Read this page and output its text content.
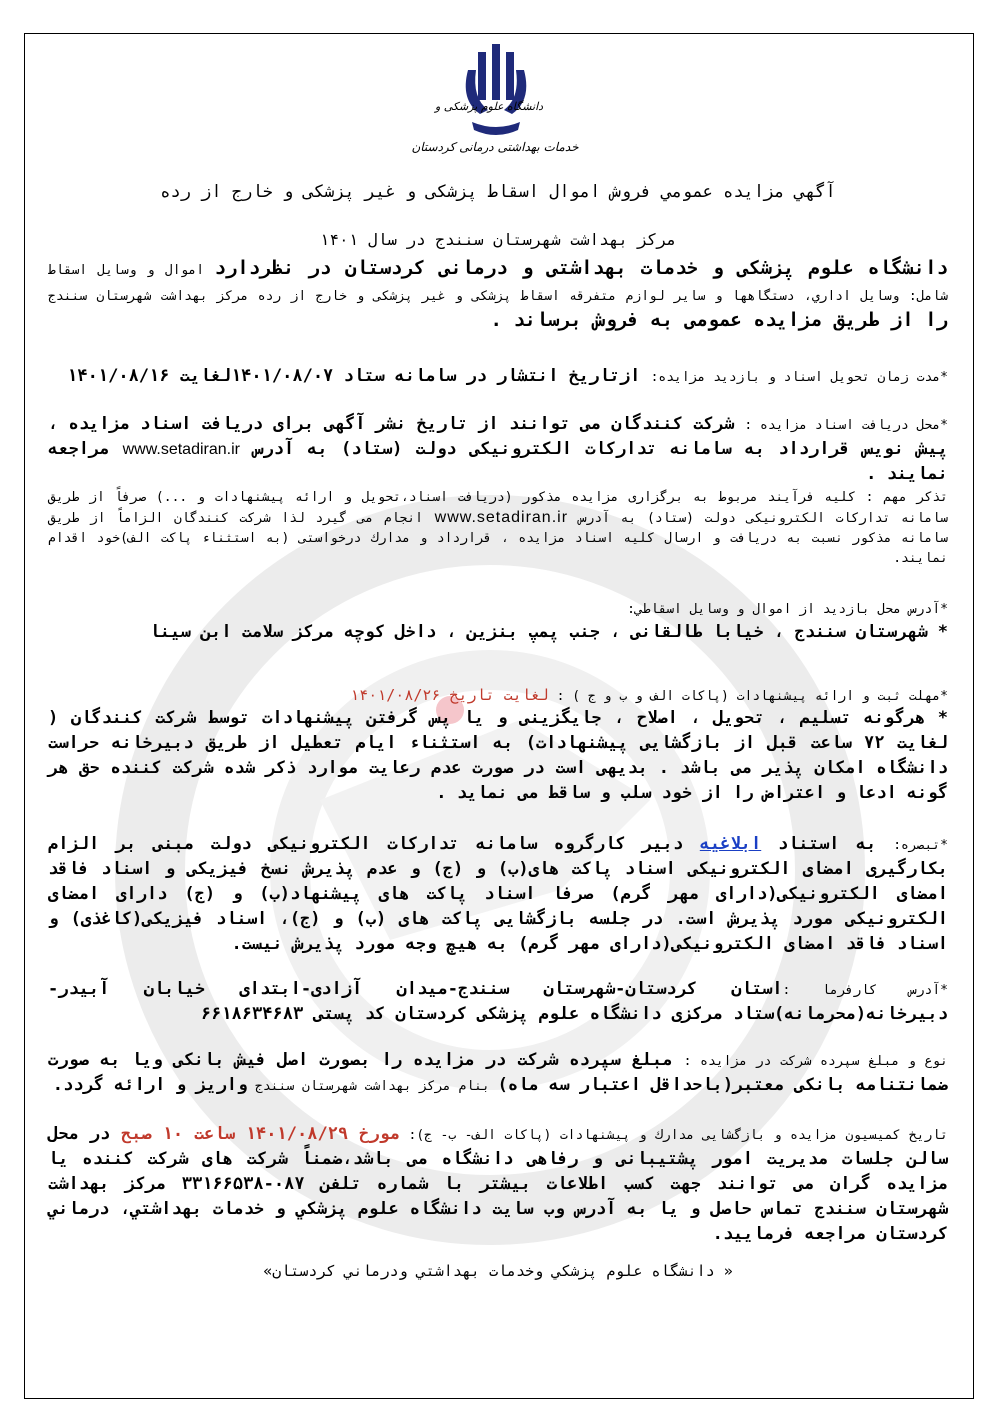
دانشگاه علوم پزشکی و
خدمات بهداشتی درمانی کردستان
آگهي مزايده عمومي فروش اموال اسقاط پزشکی و غير پزشکی و خارج از رده
مرکز بهداشت شهرستان سنندج در سال ۱۴۰۱
دانشگاه علوم پزشکی و خدمات بهداشتی و درمانی کردستان در نظردارد اموال و وسايل اسقاط شامل: وسايل اداري، دستگاهها و ساير لوازم متفرقه اسقاط پزشکی و غير پزشکی و خارج از رده مرکز بهداشت شهرستان سنندج را از طريق مزايده عمومی به فروش برساند .
*مدت زمان تحويل اسناد و بازديد مزايده: ازتاريخ انتشار در سامانه ستاد ۱۴۰۱/۰۸/۰۷لغايت ۱۴۰۱/۰۸/۱۶
*محل دريافت اسناد مزايده : شرکت کنندگان می توانند از تاريخ نشر آگهی برای دريافت اسناد مزايده ، پيش نويس قرارداد به سامانه تداركات الكترونيكی دولت (ستاد) به آدرس www.setadiran.ir مراجعه نمايند .
تذكر مهم : كليه فرآيند مربوط به برگزاری مزايده مذکور (دريافت اسناد،تحويل و ارائه پيشنهادات و ...) صرفاً از طريق سامانه تداركات الكترونيكی دولت (ستاد) به آدرس www.setadiran.ir انجام می گيرد لذا شركت كنندگان الزاماً از طريق سامانه مذکور نسبت به دريافت و ارسال كليه اسناد مزايده ، قرارداد و مدارك درخواستی (به استثناء پاكت الف)خود اقدام نمايند.
*آدرس محل بازديد از اموال و وسايل اسقاطي:
* شهرستان سنندج ، خيابا طالقانی ، جنب پمپ بنزين ، داخل كوچه مركز سلامت ابن سينا
*مهلت ثبت و ارائه پيشنهادات (پاكات الف و ب و ج ) : لغايت تاريخ ۱۴۰۱/۰۸/۲۶
* هرگونه تسليم ، تحويل ، اصلاح ، جايگزينی و يا پس گرفتن پيشنهادات توسط شركت كنندگان ( لغايت ۷۲ ساعت قبل از بازگشايی پيشنهادات) به استثناء ايام تعطيل از طريق دبيرخانه حراست دانشگاه امكان پذير می باشد . بديهی است در صورت عدم رعايت موارد ذكر شده شركت كننده حق هر گونه ادعا و اعتراض را از خود سلب و ساقط می نمايد .
*تبصره: به استناد ابلاغيه دبير كارگروه سامانه تداركات الكترونيكی دولت مبنی بر الزام بكارگيری امضای الكترونيكی اسناد پاكت های(ب) و (ج) و عدم پذيرش نسخ فيزيكی و اسناد فاقد امضای الكترونيكی(دارای مهر گرم) صرفا اسناد پاكت های پيشنهاد(ب) و (ج) دارای امضای الكترونيكی مورد پذيرش است. در جلسه بازگشايی پاكت های (ب) و (ج)، اسناد فيزيكی(كاغذی) و اسناد فاقد امضای الكترونيكی(دارای مهر گرم) به هيچ وجه مورد پذيرش نيست.
*آدرس كارفرما :استان كردستان-شهرستان سنندج-ميدان آزادی-ابتدای خيابان آبيدر-دبيرخانه(محرمانه)ستاد مركزی دانشگاه علوم پزشكی كردستان كد پستی ۶۶۱۸۶۳۴۶۸۳
نوع و مبلغ سپرده شركت در مزايده : مبلغ سپرده شركت در مزايده را بصورت اصل فيش بانكی ويا به صورت ضمانتنامه بانكی معتبر(باحداقل اعتبار سه ماه) بنام مركز بهداشت شهرستان سنندج واريز و ارائه گردد.
تاريخ كميسيون مزايده و بازگشايی مدارك و پيشنهادات (پاكات الف- ب- ج): مورخ ۱۴۰۱/۰۸/۲۹ ساعت ۱۰ صبح در محل سالن جلسات مديريت امور پشتيبانی و رفاهی دانشگاه می باشد،ضمناً شركت های شركت كننده يا مزايده گران می توانند جهت كسب اطلاعات بيشتر با شماره تلفن ۰۸۷-۳۳۱۶۶۵۳۸ مركز بهداشت شهرستان سنندج تماس حاصل و يا به آدرس وب سايت دانشگاه علوم پزشكي و خدمات بهداشتي، درماني كردستان مراجعه فرماييد.
« دانشگاه علوم پزشكي وخدمات بهداشتي ودرماني كردستان»
